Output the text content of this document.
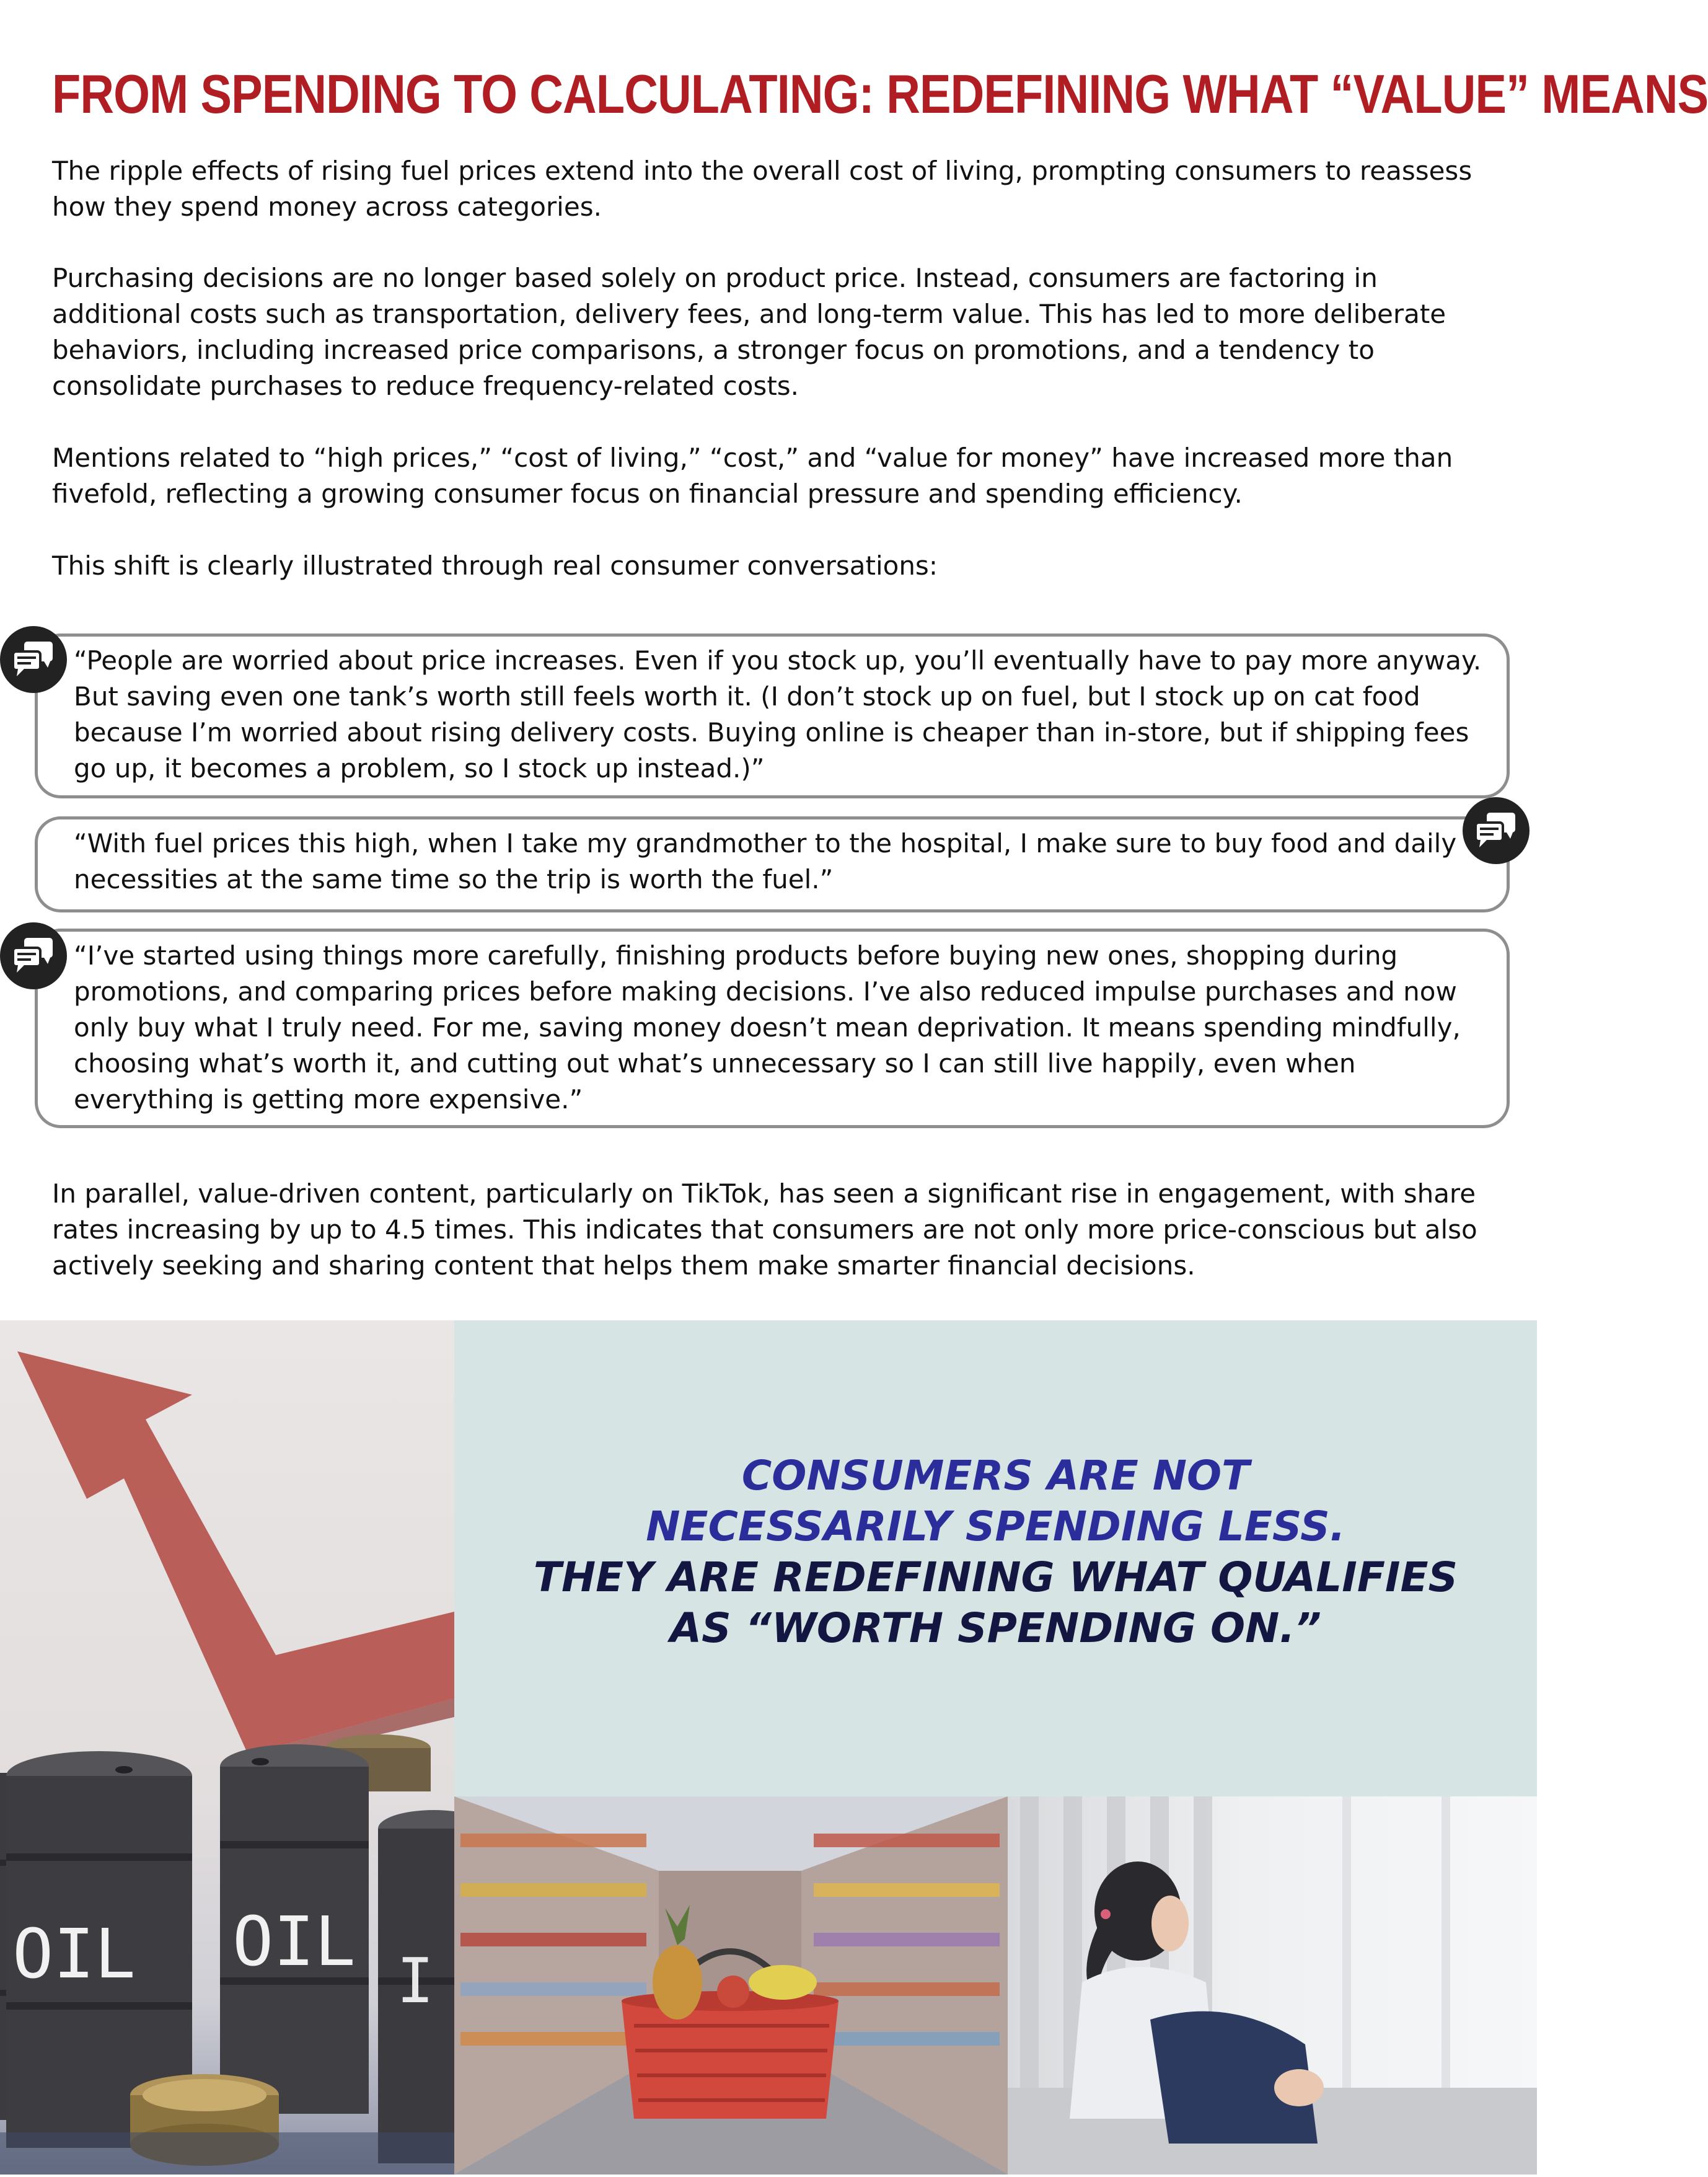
FROM SPENDING TO CALCULATING: REDEFINING WHAT “VALUE” MEANS

The ripple effects of rising fuel prices extend into the overall cost of living, prompting consumers to reassess how they spend money across categories.

Purchasing decisions are no longer based solely on product price. Instead, consumers are factoring in additional costs such as transportation, delivery fees, and long-term value. This has led to more deliberate behaviors, including increased price comparisons, a stronger focus on promotions, and a tendency to consolidate purchases to reduce frequency-related costs.

Mentions related to “high prices,” “cost of living,” “cost,” and “value for money” have increased more than fivefold, reflecting a growing consumer focus on financial pressure and spending efficiency.

This shift is clearly illustrated through real consumer conversations:

“People are worried about price increases. Even if you stock up, you’ll eventually have to pay more anyway. But saving even one tank’s worth still feels worth it. (I don’t stock up on fuel, but I stock up on cat food because I’m worried about rising delivery costs. Buying online is cheaper than in-store, but if shipping fees go up, it becomes a problem, so I stock up instead.)”
“With fuel prices this high, when I take my grandmother to the hospital, I make sure to buy food and daily necessities at the same time so the trip is worth the fuel.”
“I’ve started using things more carefully, finishing products before buying new ones, shopping during promotions, and comparing prices before making decisions. I’ve also reduced impulse purchases and now only buy what I truly need. For me, saving money doesn’t mean deprivation. It means spending mindfully, choosing what’s worth it, and cutting out what’s unnecessary so I can still live happily, even when everything is getting more expensive.”

In parallel, value-driven content, particularly on TikTok, has seen a significant rise in engagement, with share rates increasing by up to 4.5 times. This indicates that consumers are not only more price-conscious but also actively seeking and sharing content that helps them make smarter financial decisions.

OIL OIL I
CONSUMERS ARE NOT NECESSARILY SPENDING LESS.
THEY ARE REDEFINING WHAT QUALIFIES AS “WORTH SPENDING ON.”
